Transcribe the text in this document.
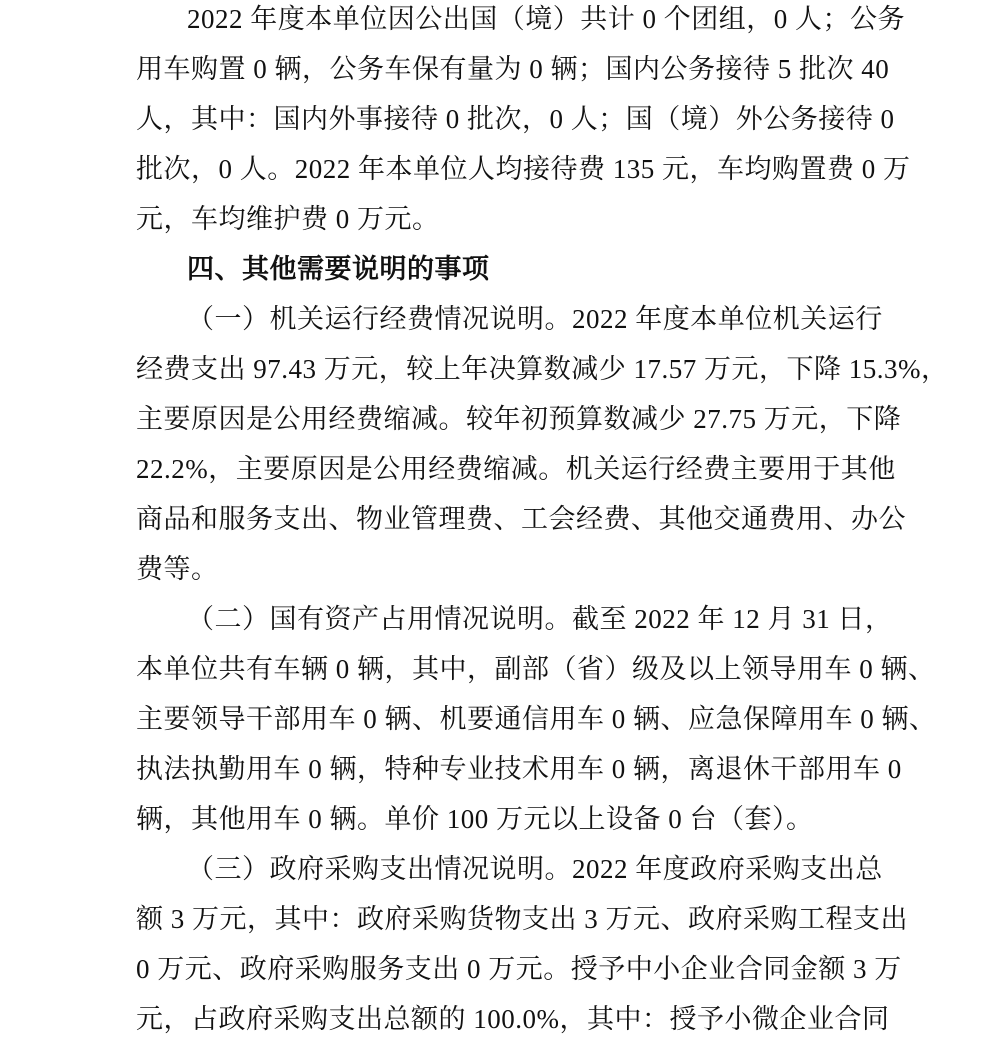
2022 年度本单位因公出国（境）共计 0 个团组，0 人；公务
用车购置 0 辆，公务车保有量为 0 辆；国内公务接待 5 批次 40
人，其中：国内外事接待 0 批次，0 人；国（境）外公务接待 0
批次，0 人。2022 年本单位人均接待费 135 元，车均购置费 0 万
元，车均维护费 0 万元。
四、其他需要说明的事项
（一）机关运行经费情况说明。2022 年度本单位机关运行
经费支出 97.43 万元，较上年决算数减少 17.57 万元，下降 15.3%，
主要原因是公用经费缩减。较年初预算数减少 27.75 万元，下降
22.2%，主要原因是公用经费缩减。机关运行经费主要用于其他
商品和服务支出、物业管理费、工会经费、其他交通费用、办公
费等。
（二）国有资产占用情况说明。截至 2022 年 12 月 31 日，
本单位共有车辆 0 辆，其中，副部（省）级及以上领导用车 0 辆、
主要领导干部用车 0 辆、机要通信用车 0 辆、应急保障用车 0 辆、
执法执勤用车 0 辆，特种专业技术用车 0 辆，离退休干部用车 0
辆，其他用车 0 辆。单价 100 万元以上设备 0 台（套）。
（三）政府采购支出情况说明。2022 年度政府采购支出总
额 3 万元，其中：政府采购货物支出 3 万元、政府采购工程支出
0 万元、政府采购服务支出 0 万元。授予中小企业合同金额 3 万
元，占政府采购支出总额的 100.0%，其中：授予小微企业合同
